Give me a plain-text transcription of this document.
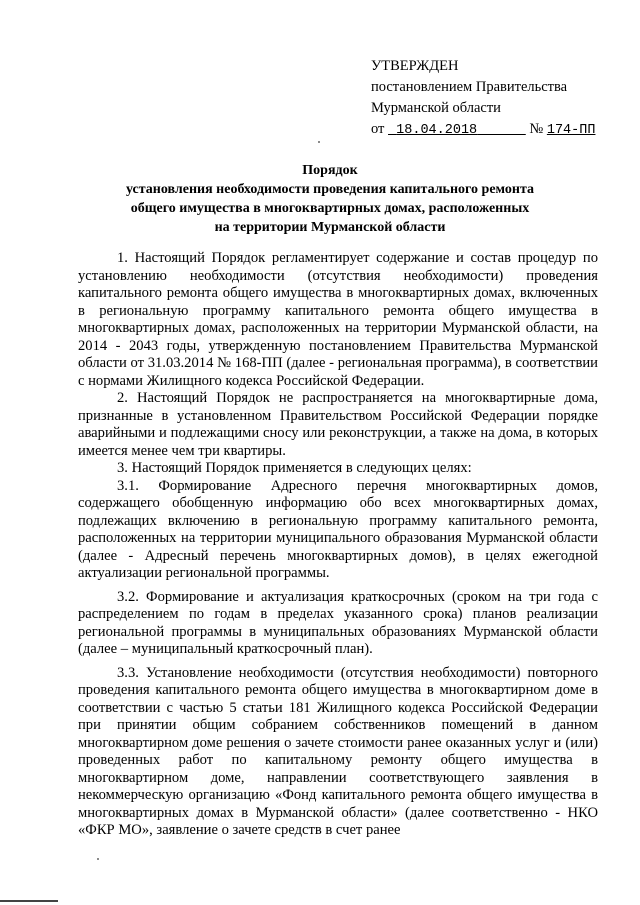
УТВЕРЖДЕН
постановлением Правительства
Мурманской области
от 18.04.2018	№ 174-ПП
Порядок
установления необходимости проведения капитального ремонта
общего имущества в многоквартирных домах, расположенных
на территории Мурманской области

1. Настоящий Порядок регламентирует содержание и состав процедур по установлению необходимости (отсутствия необходимости) проведения капитального ремонта общего имущества в многоквартирных домах, включенных в региональную программу капитального ремонта общего имущества в многоквартирных домах, расположенных на территории Мурманской области, на 2014 - 2043 годы, утвержденную постановлением Правительства Мурманской области от 31.03.2014 № 168-ПП (далее - региональная программа), в соответствии с нормами Жилищного кодекса Российской Федерации.

2. Настоящий Порядок не распространяется на многоквартирные дома, признанные в установленном Правительством Российской Федерации порядке аварийными и подлежащими сносу или реконструкции, а также на дома, в которых имеется менее чем три квартиры.

3. Настоящий Порядок применяется в следующих целях:

3.1. Формирование Адресного перечня многоквартирных домов, содержащего обобщенную информацию обо всех многоквартирных домах, подлежащих включению в региональную программу капитального ремонта, расположенных на территории муниципального образования Мурманской области (далее - Адресный перечень многоквартирных домов), в целях ежегодной актуализации региональной программы.

3.2. Формирование и актуализация краткосрочных (сроком на три года с распределением по годам в пределах указанного срока) планов реализации региональной программы в муниципальных образованиях Мурманской области (далее – муниципальный краткосрочный план).

3.3. Установление необходимости (отсутствия необходимости) повторного проведения капитального ремонта общего имущества в многоквартирном доме в соответствии с частью 5 статьи 181 Жилищного кодекса Российской Федерации при принятии общим собранием собственников помещений в данном многоквартирном доме решения о зачете стоимости ранее оказанных услуг и (или) проведенных работ по капитальному ремонту общего имущества в многоквартирном доме, направлении соответствующего заявления в некоммерческую организацию «Фонд капитального ремонта общего имущества в многоквартирных домах в Мурманской области» (далее соответственно - НКО «ФКР МО», заявление о зачете средств в счет ранее
